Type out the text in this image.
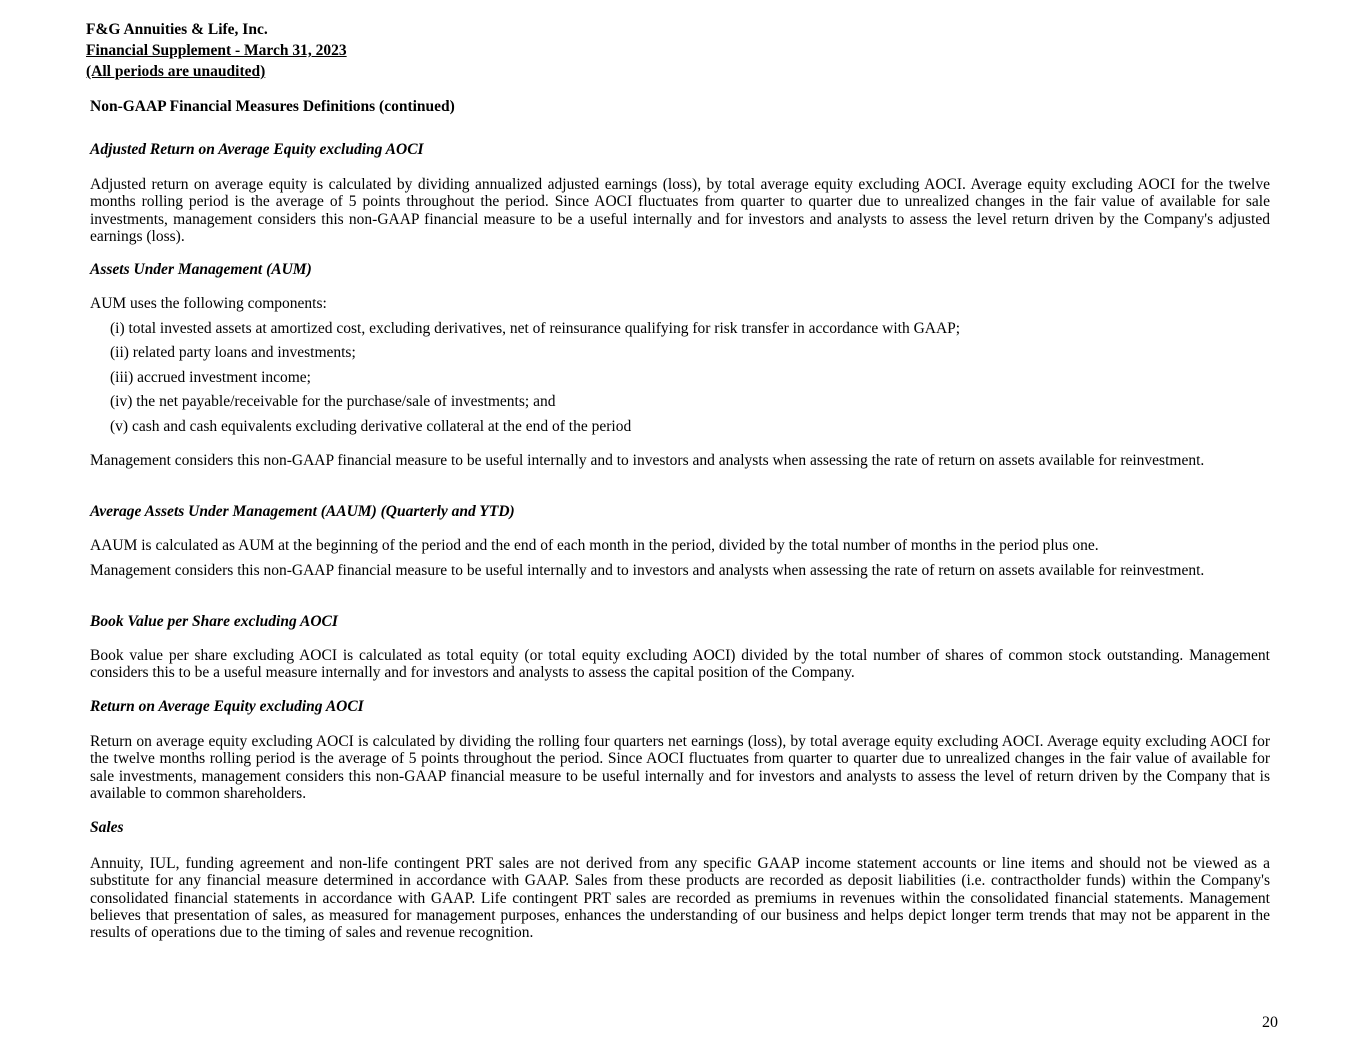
F&G Annuities & Life, Inc.
Financial Supplement - March 31, 2023
(All periods are unaudited)
Non-GAAP Financial Measures Definitions (continued)
Adjusted Return on Average Equity excluding AOCI
Adjusted return on average equity is calculated by dividing annualized adjusted earnings (loss), by total average equity excluding AOCI. Average equity excluding AOCI for the twelve months rolling period is the average of 5 points throughout the period. Since AOCI fluctuates from quarter to quarter due to unrealized changes in the fair value of available for sale investments, management considers this non-GAAP financial measure to be a useful internally and for investors and analysts to assess the level return driven by the Company's adjusted earnings (loss).
Assets Under Management (AUM)
AUM uses the following components:
(i) total invested assets at amortized cost, excluding derivatives, net of reinsurance qualifying for risk transfer in accordance with GAAP;
(ii) related party loans and investments;
(iii) accrued investment income;
(iv) the net payable/receivable for the purchase/sale of investments; and
(v) cash and cash equivalents excluding derivative collateral at the end of the period
Management considers this non-GAAP financial measure to be useful internally and to investors and analysts when assessing the rate of return on assets available for reinvestment.
Average Assets Under Management (AAUM) (Quarterly and YTD)
AAUM is calculated as AUM at the beginning of the period and the end of each month in the period, divided by the total number of months in the period plus one.
Management considers this non-GAAP financial measure to be useful internally and to investors and analysts when assessing the rate of return on assets available for reinvestment.
Book Value per Share excluding AOCI
Book value per share excluding AOCI is calculated as total equity (or total equity excluding AOCI) divided by the total number of shares of common stock outstanding. Management considers this to be a useful measure internally and for investors and analysts to assess the capital position of the Company.
Return on Average Equity excluding AOCI
Return on average equity excluding AOCI is calculated by dividing the rolling four quarters net earnings (loss), by total average equity excluding AOCI. Average equity excluding AOCI for the twelve months rolling period is the average of 5 points throughout the period. Since AOCI fluctuates from quarter to quarter due to unrealized changes in the fair value of available for sale investments, management considers this non-GAAP financial measure to be useful internally and for investors and analysts to assess the level of return driven by the Company that is available to common shareholders.
Sales
Annuity, IUL, funding agreement and non-life contingent PRT sales are not derived from any specific GAAP income statement accounts or line items and should not be viewed as a substitute for any financial measure determined in accordance with GAAP. Sales from these products are recorded as deposit liabilities (i.e. contractholder funds) within the Company's consolidated financial statements in accordance with GAAP. Life contingent PRT sales are recorded as premiums in revenues within the consolidated financial statements. Management believes that presentation of sales, as measured for management purposes, enhances the understanding of our business and helps depict longer term trends that may not be apparent in the results of operations due to the timing of sales and revenue recognition.
20
